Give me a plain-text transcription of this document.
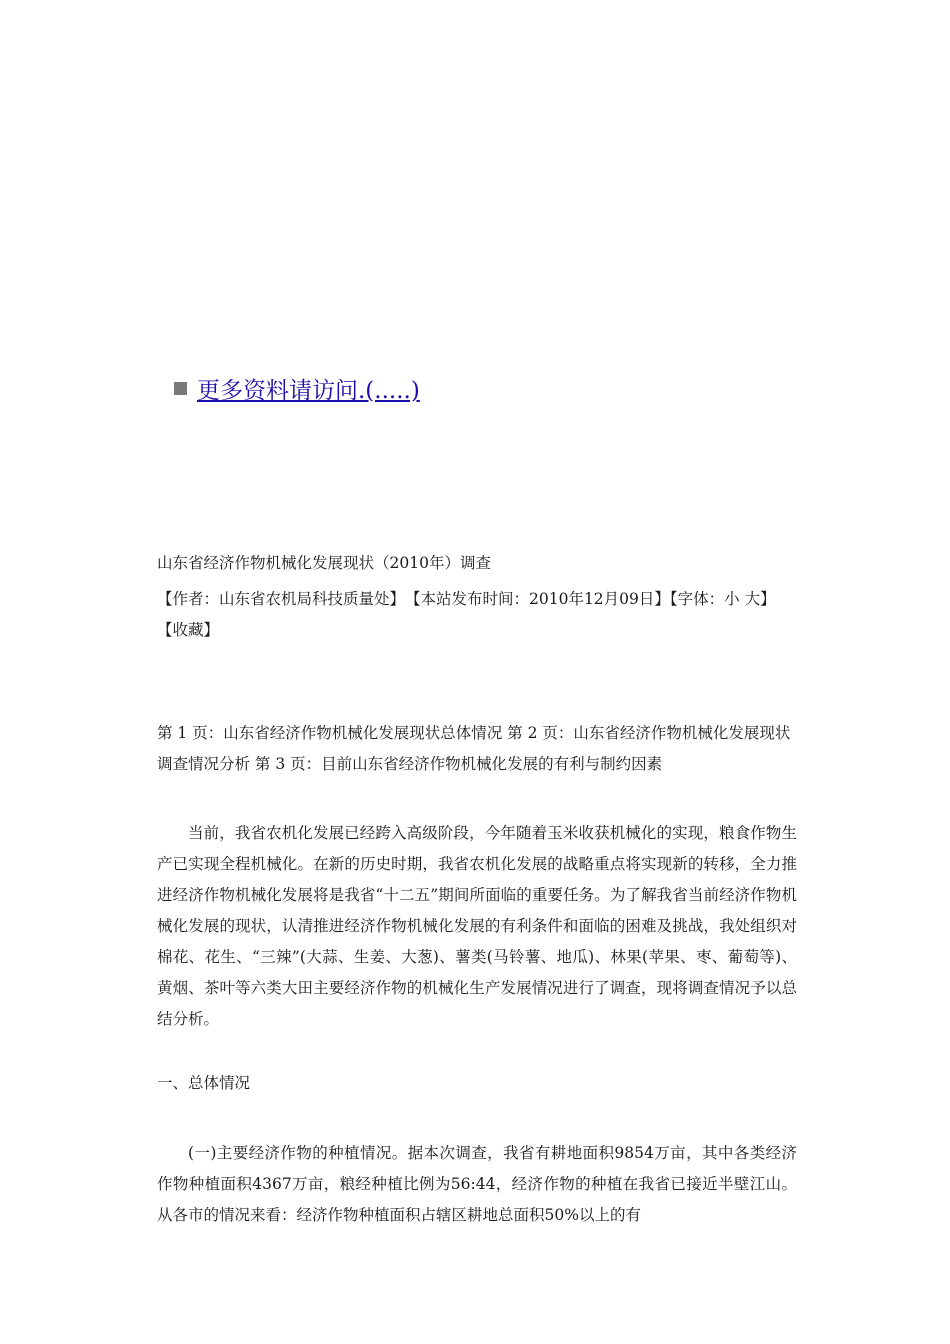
更多资料请访问.(.....)

山东省经济作物机械化发展现状（2010年）调查

【作者：山东省农机局科技质量处】　【本站发布时间：2010年12月09日】【字体：小 大】 【收藏】

第 1 页：山东省经济作物机械化发展现状总体情况 第 2 页：山东省经济作物机械化发展现状调查情况分析 第 3 页：目前山东省经济作物机械化发展的有利与制约因素

当前，我省农机化发展已经跨入高级阶段，今年随着玉米收获机械化的实现，粮食作物生产已实现全程机械化。在新的历史时期，我省农机化发展的战略重点将实现新的转移，全力推进经济作物机械化发展将是我省“十二五”期间所面临的重要任务。为了解我省当前经济作物机械化发展的现状，认清推进经济作物机械化发展的有利条件和面临的困难及挑战，我处组织对棉花、花生、“三辣”(大蒜、生姜、大葱)、薯类(马铃薯、地瓜)、林果(苹果、枣、葡萄等)、黄烟、茶叶等六类大田主要经济作物的机械化生产发展情况进行了调查，现将调查情况予以总结分析。

一、总体情况

(一)主要经济作物的种植情况。据本次调查，我省有耕地面积9854万亩，其中各类经济作物种植面积4367万亩，粮经种植比例为56:44，经济作物的种植在我省已接近半壁江山。从各市的情况来看：经济作物种植面积占辖区耕地总面积50%以上的有
